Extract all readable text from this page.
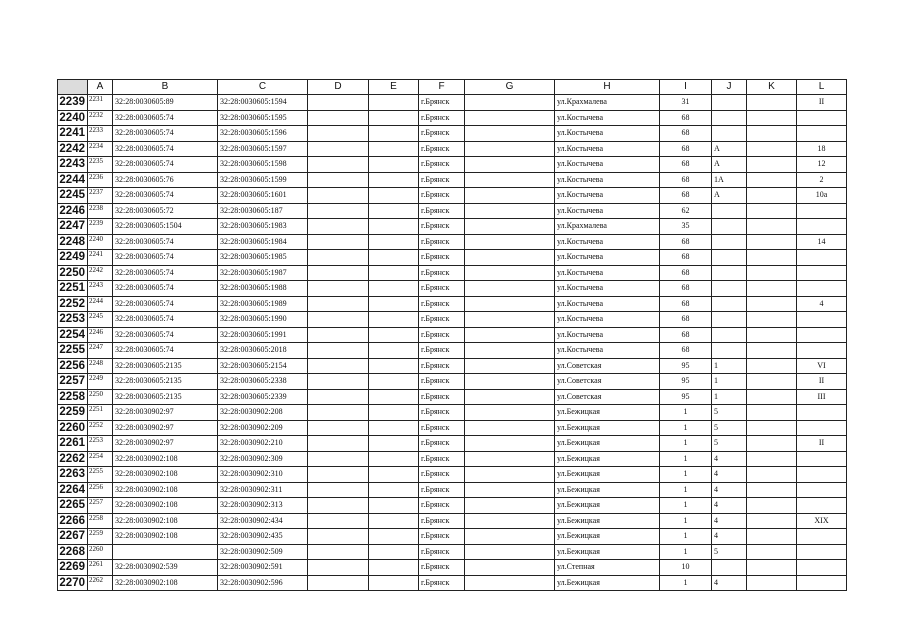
	A	B	C	D	E	F	G	H	I	J	K	L
2239	2231	32:28:0030605:89	32:28:0030605:1594			г.Брянск		ул.Крахмалева	31			II
2240	2232	32:28:0030605:74	32:28:0030605:1595			г.Брянск		ул.Костычева	68			
2241	2233	32:28:0030605:74	32:28:0030605:1596			г.Брянск		ул.Костычева	68			
2242	2234	32:28:0030605:74	32:28:0030605:1597			г.Брянск		ул.Костычева	68	А		18
2243	2235	32:28:0030605:74	32:28:0030605:1598			г.Брянск		ул.Костычева	68	А		12
2244	2236	32:28:0030605:76	32:28:0030605:1599			г.Брянск		ул.Костычева	68	1А		2
2245	2237	32:28:0030605:74	32:28:0030605:1601			г.Брянск		ул.Костычева	68	А		10а
2246	2238	32:28:0030605:72	32:28:0030605:187			г.Брянск		ул.Костычева	62			
2247	2239	32:28:0030605:1504	32:28:0030605:1983			г.Брянск		ул.Крахмалева	35			
2248	2240	32:28:0030605:74	32:28:0030605:1984			г.Брянск		ул.Костычева	68			14
2249	2241	32:28:0030605:74	32:28:0030605:1985			г.Брянск		ул.Костычева	68			
2250	2242	32:28:0030605:74	32:28:0030605:1987			г.Брянск		ул.Костычева	68			
2251	2243	32:28:0030605:74	32:28:0030605:1988			г.Брянск		ул.Костычева	68			
2252	2244	32:28:0030605:74	32:28:0030605:1989			г.Брянск		ул.Костычева	68			4
2253	2245	32:28:0030605:74	32:28:0030605:1990			г.Брянск		ул.Костычева	68			
2254	2246	32:28:0030605:74	32:28:0030605:1991			г.Брянск		ул.Костычева	68			
2255	2247	32:28:0030605:74	32:28:0030605:2018			г.Брянск		ул.Костычева	68			
2256	2248	32:28:0030605:2135	32:28:0030605:2154			г.Брянск		ул.Советская	95	1		VI
2257	2249	32:28:0030605:2135	32:28:0030605:2338			г.Брянск		ул.Советская	95	1		II
2258	2250	32:28:0030605:2135	32:28:0030605:2339			г.Брянск		ул.Советская	95	1		III
2259	2251	32:28:0030902:97	32:28:0030902:208			г.Брянск		ул.Бежицкая	1	5		
2260	2252	32:28:0030902:97	32:28:0030902:209			г.Брянск		ул.Бежицкая	1	5		
2261	2253	32:28:0030902:97	32:28:0030902:210			г.Брянск		ул.Бежицкая	1	5		II
2262	2254	32:28:0030902:108	32:28:0030902:309			г.Брянск		ул.Бежицкая	1	4		
2263	2255	32:28:0030902:108	32:28:0030902:310			г.Брянск		ул.Бежицкая	1	4		
2264	2256	32:28:0030902:108	32:28:0030902:311			г.Брянск		ул.Бежицкая	1	4		
2265	2257	32:28:0030902:108	32:28:0030902:313			г.Брянск		ул.Бежицкая	1	4		
2266	2258	32:28:0030902:108	32:28:0030902:434			г.Брянск		ул.Бежицкая	1	4		XIX
2267	2259	32:28:0030902:108	32:28:0030902:435			г.Брянск		ул.Бежицкая	1	4		
2268	2260		32:28:0030902:509			г.Брянск		ул.Бежицкая	1	5		
2269	2261	32:28:0030902:539	32:28:0030902:591			г.Брянск		ул.Степная	10			
2270	2262	32:28:0030902:108	32:28:0030902:596			г.Брянск		ул.Бежицкая	1	4		
